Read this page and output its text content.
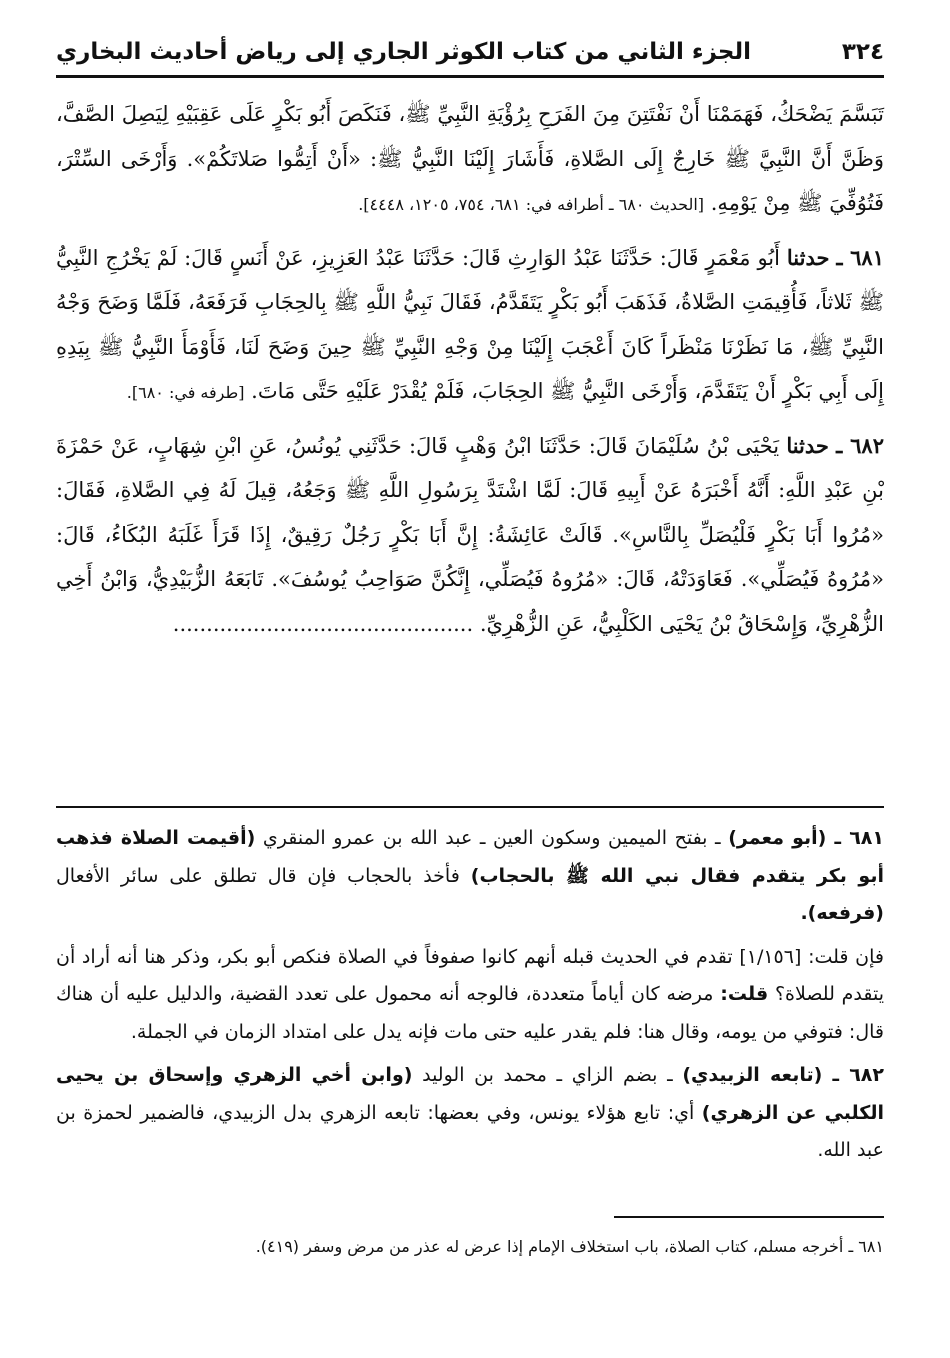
٣٢٤
الجزء الثاني من كتاب الكوثر الجاري إلى رياض أحاديث البخاري

تَبَسَّمَ يَضْحَكُ، فَهَمَمْنَا أَنْ نَفْتَتِنَ مِنَ الفَرَحِ بِرُؤْيَةِ النَّبِيِّ ﷺ، فَنَكَصَ أَبُو بَكْرٍ عَلَى عَقِبَيْهِ لِيَصِلَ الصَّفَّ، وَظَنَّ أَنَّ النَّبِيَّ ﷺ خَارِجٌ إِلَى الصَّلاةِ، فَأَشَارَ إِلَيْنَا النَّبِيُّ ﷺ: «أَنْ أَتِمُّوا صَلاتَكُمْ». وَأَرْخَى السِّتْرَ، فَتُوُفِّيَ ﷺ مِنْ يَوْمِهِ. [الحديث ٦٨٠ ـ أطرافه في: ٦٨١، ٧٥٤، ١٢٠٥، ٤٤٤٨].

٦٨١ ـ حدثنا أَبُو مَعْمَرٍ قَالَ: حَدَّثَنَا عَبْدُ الوَارِثِ قَالَ: حَدَّثَنَا عَبْدُ العَزِيزِ، عَنْ أَنَسٍ قَالَ: لَمْ يَخْرُجِ النَّبِيُّ ﷺ ثَلاثاً، فَأُقِيمَتِ الصَّلاةُ، فَذَهَبَ أَبُو بَكْرٍ يَتَقَدَّمُ، فَقَالَ نَبِيُّ اللَّهِ ﷺ بِالحِجَابِ فَرَفَعَهُ، فَلَمَّا وَضَحَ وَجْهُ النَّبِيِّ ﷺ، مَا نَظَرْنَا مَنْظَراً كَانَ أَعْجَبَ إِلَيْنَا مِنْ وَجْهِ النَّبِيِّ ﷺ حِينَ وَضَحَ لَنَا، فَأَوْمَأَ النَّبِيُّ ﷺ بِيَدِهِ إِلَى أَبِي بَكْرٍ أَنْ يَتَقَدَّمَ، وَأَرْخَى النَّبِيُّ ﷺ الحِجَابَ، فَلَمْ يُقْدَرْ عَلَيْهِ حَتَّى مَاتَ. [طرفه في: ٦٨٠].

٦٨٢ ـ حدثنا يَحْيَى بْنُ سُلَيْمَانَ قَالَ: حَدَّثَنَا ابْنُ وَهْبٍ قَالَ: حَدَّثَنِي يُونُسُ، عَنِ ابْنِ شِهَابٍ، عَنْ حَمْزَةَ بْنِ عَبْدِ اللَّهِ: أَنَّهُ أَخْبَرَهُ عَنْ أَبِيهِ قَالَ: لَمَّا اشْتَدَّ بِرَسُولِ اللَّهِ ﷺ وَجَعُهُ، قِيلَ لَهُ فِي الصَّلاةِ، فَقَالَ: «مُرُوا أَبَا بَكْرٍ فَلْيُصَلِّ بِالنَّاسِ». قَالَتْ عَائِشَةُ: إِنَّ أَبَا بَكْرٍ رَجُلٌ رَقِيقٌ، إِذَا قَرَأَ غَلَبَهُ البُكَاءُ، قَالَ: «مُرُوهُ فَيُصَلِّي». فَعَاوَدَتْهُ، قَالَ: «مُرُوهُ فَيُصَلِّي، إِنَّكُنَّ صَوَاحِبُ يُوسُفَ». تَابَعَهُ الزُّبَيْدِيُّ، وَابْنُ أَخِي الزُّهْرِيِّ، وَإِسْحَاقُ بْنُ يَحْيَى الكَلْبِيُّ، عَنِ الزُّهْرِيِّ. .............................................

٦٨١ ـ (أبو معمر) ـ بفتح الميمين وسكون العين ـ عبد الله بن عمرو المنقري (أقيمت الصلاة فذهب أبو بكر يتقدم فقال نبي الله ﷺ بالحجاب) فأخذ بالحجاب فإن قال تطلق على سائر الأفعال (فرفعه).

فإن قلت: [١/١٥٦] تقدم في الحديث قبله أنهم كانوا صفوفاً في الصلاة فنكص أبو بكر، وذكر هنا أنه أراد أن يتقدم للصلاة؟ قلت: مرضه كان أياماً متعددة، فالوجه أنه محمول على تعدد القضية، والدليل عليه أن هناك قال: فتوفي من يومه، وقال هنا: فلم يقدر عليه حتى مات فإنه يدل على امتداد الزمان في الجملة.

٦٨٢ ـ (تابعه الزبيدي) ـ بضم الزاي ـ محمد بن الوليد (وابن أخي الزهري وإسحاق بن يحيى الكلبي عن الزهري) أي: تابع هؤلاء يونس، وفي بعضها: تابعه الزهري بدل الزبيدي، فالضمير لحمزة بن عبد الله.

٦٨١ ـ أخرجه مسلم، كتاب الصلاة، باب استخلاف الإمام إذا عرض له عذر من مرض وسفر (٤١٩).
